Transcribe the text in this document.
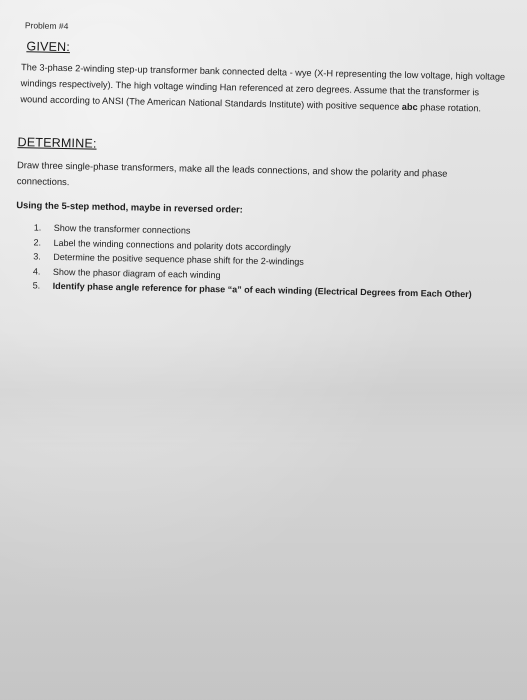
Problem #4
GIVEN:
The 3-phase 2-winding step-up transformer bank connected delta - wye (X-H representing the low voltage, high voltage windings respectively). The high voltage winding Han referenced at zero degrees. Assume that the transformer is wound according to ANSI (The American National Standards Institute) with positive sequence abc phase rotation.
DETERMINE:
Draw three single-phase transformers, make all the leads connections, and show the polarity and phase connections.
Using the 5-step method, maybe in reversed order:
1.	Show the transformer connections
2.	Label the winding connections and polarity dots accordingly
3.	Determine the positive sequence phase shift for the 2-windings
4.	Show the phasor diagram of each winding
5.	Identify phase angle reference for phase “a” of each winding (Electrical Degrees from Each Other)
